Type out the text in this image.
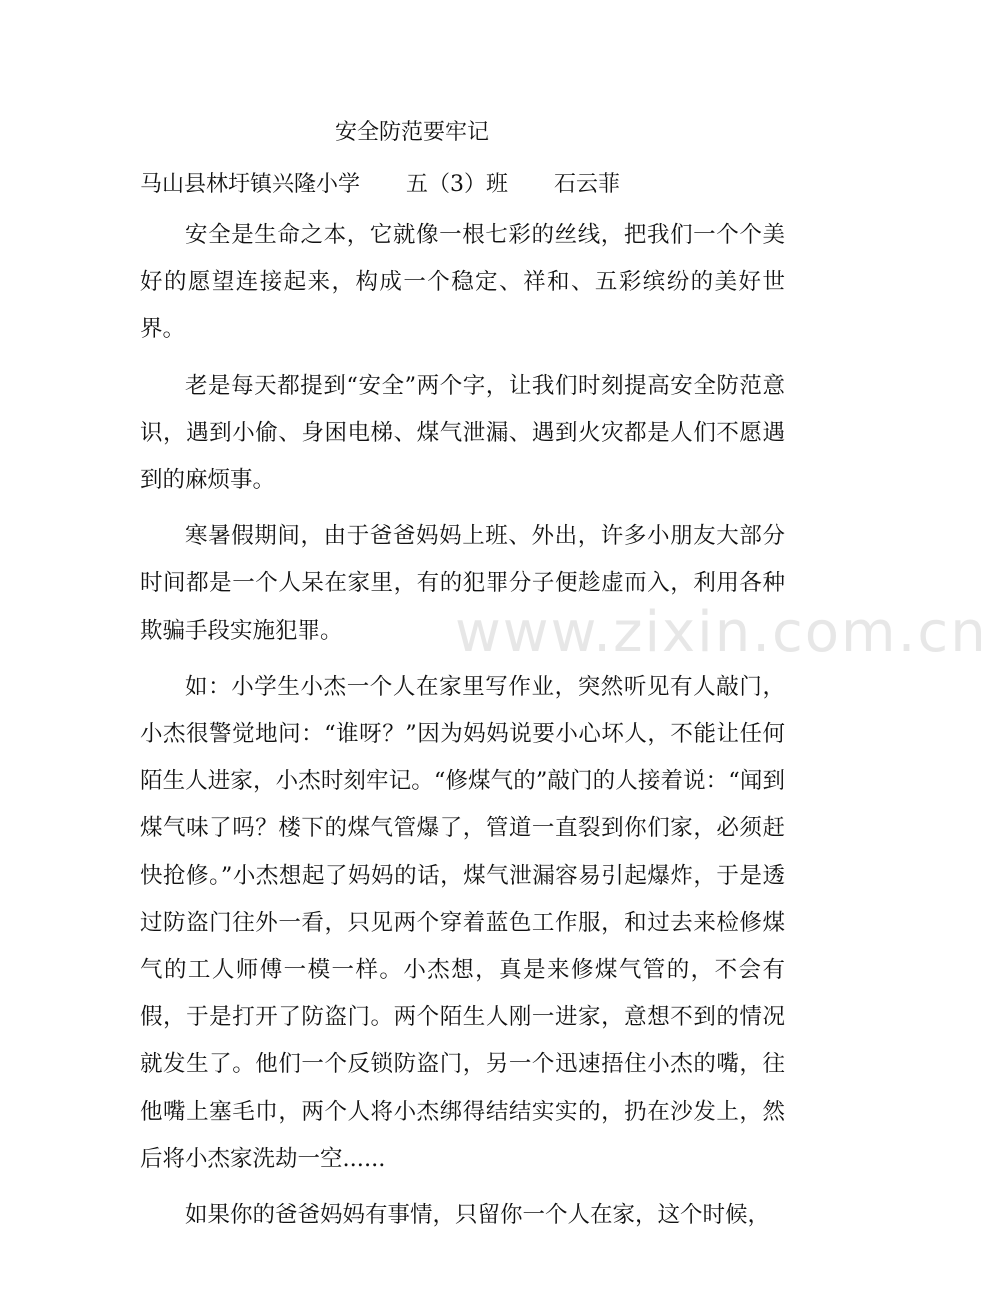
安全防范要牢记
马山县林圩镇兴隆小学 五（3）班 石云菲

安全是生命之本，它就像一根七彩的丝线，把我们一个个美好的愿望连接起来，构成一个稳定、祥和、五彩缤纷的美好世界。

老是每天都提到“安全”两个字，让我们时刻提高安全防范意识，遇到小偷、身困电梯、煤气泄漏、遇到火灾都是人们不愿遇到的麻烦事。

寒暑假期间，由于爸爸妈妈上班、外出，许多小朋友大部分时间都是一个人呆在家里，有的犯罪分子便趁虚而入，利用各种欺骗手段实施犯罪。

如：小学生小杰一个人在家里写作业，突然听见有人敲门，小杰很警觉地问：“谁呀？”因为妈妈说要小心坏人，不能让任何陌生人进家，小杰时刻牢记。“修煤气的”敲门的人接着说：“闻到煤气味了吗？楼下的煤气管爆了，管道一直裂到你们家，必须赶快抢修。”小杰想起了妈妈的话，煤气泄漏容易引起爆炸，于是透过防盗门往外一看，只见两个穿着蓝色工作服，和过去来检修煤气的工人师傅一模一样。小杰想，真是来修煤气管的，不会有假，于是打开了防盗门。两个陌生人刚一进家，意想不到的情况就发生了。他们一个反锁防盗门，另一个迅速捂住小杰的嘴，往他嘴上塞毛巾，两个人将小杰绑得结结实实的，扔在沙发上，然后将小杰家洗劫一空......

如果你的爸爸妈妈有事情，只留你一个人在家，这个时候，

www.zixin.com.cn
